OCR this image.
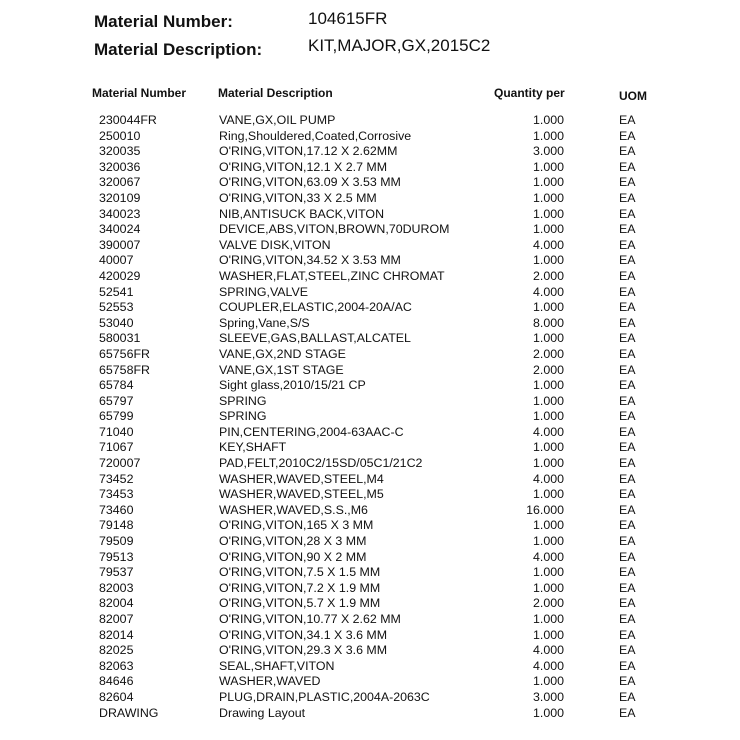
Material Number:	104615FR
Material Description:	KIT,MAJOR,GX,2015C2
Material Number	Material Description	Quantity per	UOM
230044FR	VANE,GX,OIL PUMP	1.000	EA
250010	Ring,Shouldered,Coated,Corrosive	1.000	EA
320035	O'RING,VITON,17.12 X 2.62MM	3.000	EA
320036	O'RING,VITON,12.1 X 2.7 MM	1.000	EA
320067	O'RING,VITON,63.09 X 3.53 MM	1.000	EA
320109	O'RING,VITON,33 X 2.5 MM	1.000	EA
340023	NIB,ANTISUCK BACK,VITON	1.000	EA
340024	DEVICE,ABS,VITON,BROWN,70DUROM	1.000	EA
390007	VALVE DISK,VITON	4.000	EA
40007	O'RING,VITON,34.52 X 3.53 MM	1.000	EA
420029	WASHER,FLAT,STEEL,ZINC CHROMAT	2.000	EA
52541	SPRING,VALVE	4.000	EA
52553	COUPLER,ELASTIC,2004-20A/AC	1.000	EA
53040	Spring,Vane,S/S	8.000	EA
580031	SLEEVE,GAS,BALLAST,ALCATEL	1.000	EA
65756FR	VANE,GX,2ND STAGE	2.000	EA
65758FR	VANE,GX,1ST STAGE	2.000	EA
65784	Sight glass,2010/15/21 CP	1.000	EA
65797	SPRING	1.000	EA
65799	SPRING	1.000	EA
71040	PIN,CENTERING,2004-63AAC-C	4.000	EA
71067	KEY,SHAFT	1.000	EA
720007	PAD,FELT,2010C2/15SD/05C1/21C2	1.000	EA
73452	WASHER,WAVED,STEEL,M4	4.000	EA
73453	WASHER,WAVED,STEEL,M5	1.000	EA
73460	WASHER,WAVED,S.S.,M6	16.000	EA
79148	O'RING,VITON,165 X 3 MM	1.000	EA
79509	O'RING,VITON,28 X 3 MM	1.000	EA
79513	O'RING,VITON,90 X 2 MM	4.000	EA
79537	O'RING,VITON,7.5 X 1.5 MM	1.000	EA
82003	O'RING,VITON,7.2 X 1.9 MM	1.000	EA
82004	O'RING,VITON,5.7 X 1.9 MM	2.000	EA
82007	O'RING,VITON,10.77 X 2.62 MM	1.000	EA
82014	O'RING,VITON,34.1 X 3.6 MM	1.000	EA
82025	O'RING,VITON,29.3 X 3.6 MM	4.000	EA
82063	SEAL,SHAFT,VITON	4.000	EA
84646	WASHER,WAVED	1.000	EA
82604	PLUG,DRAIN,PLASTIC,2004A-2063C	3.000	EA
DRAWING	Drawing Layout	1.000	EA
